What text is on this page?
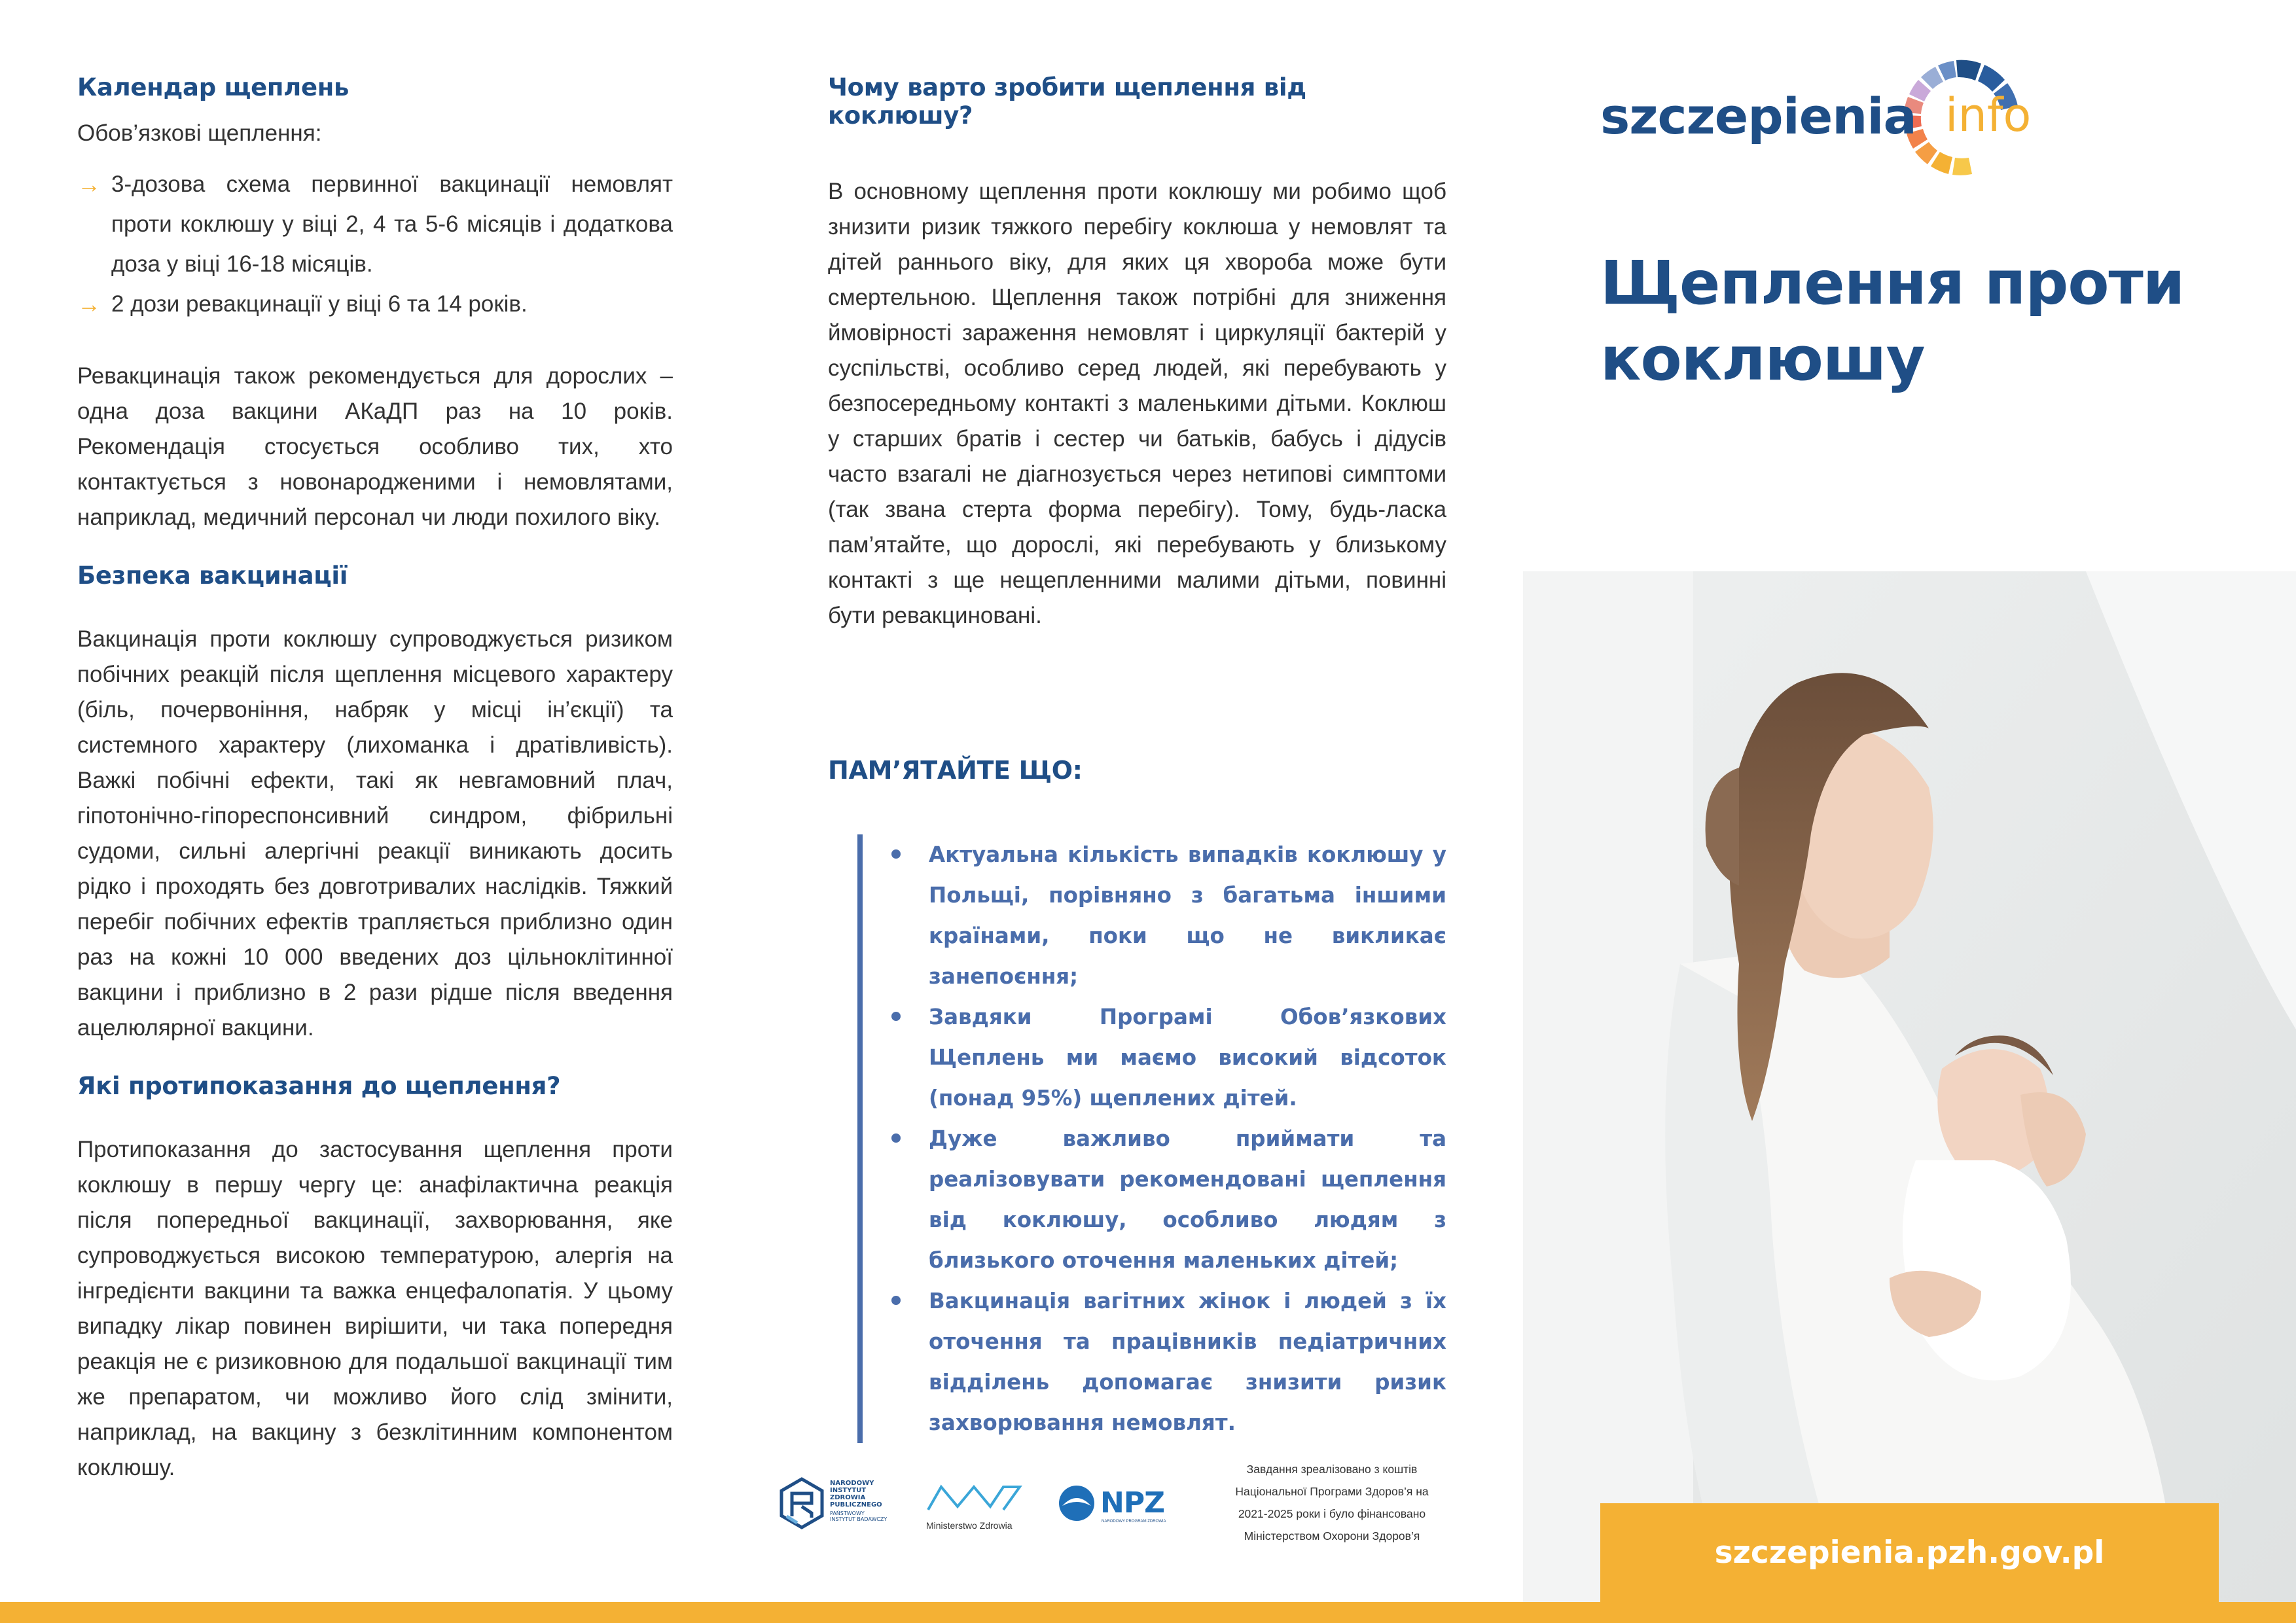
Календар щеплень

Обов’язкові щеплення:

→ 3-дозова схема первинної вакцинації немовлят проти коклюшу у віці 2, 4 та 5-6 місяців і додаткова доза у віці 16-18 місяців.
→ 2 дози ревакцинації у віці 6 та 14 років.

Ревакцинація також рекомендується для дорослих – одна доза вакцини АКаДП раз на 10 років. Рекомендація стосується особливо тих, хто контактується з новонародженими і немовлятами, наприклад, медичний персонал чи люди похилого віку.

Безпека вакцинації

Вакцинація проти коклюшу супроводжується ризиком побічних реакцій після щеплення місцевого характеру (біль, почервоніння, набряк у місці ін’єкції) та системного характеру (лихоманка і дратівливість). Важкі побічні ефекти, такі як невгамовний плач, гіпотонічно-гіпореспонсивний синдром, фібрильні судоми, сильні алергічні реакції виникають досить рідко і проходять без довготривалих наслідків. Тяжкий перебіг побічних ефектів трапляється приблизно один раз на кожні 10 000 введених доз цільноклітинної вакцини і приблизно в 2 рази рідше після введення ацелюлярної вакцини.

Які протипоказання до щеплення?

Протипоказання до застосування щеплення проти коклюшу в першу чергу це: анафілактична реакція після попередньої вакцинації, захворювання, яке супроводжується високою температурою, алергія на інгредієнти вакцини та важка енцефалопатія. У цьому випадку лікар повинен вирішити, чи така попередня реакція не є ризиковною для подальшої вакцинації тим же препаратом, чи можливо його слід змінити, наприклад, на вакцину з безклітинним компонентом коклюшу.

Чому варто зробити щеплення від коклюшу?

В основному щеплення проти коклюшу ми робимо щоб знизити ризик тяжкого перебігу коклюша у немовлят та дітей раннього віку, для яких ця хвороба може бути смертельною. Щеплення також потрібні для зниження ймовірності зараження немовлят і циркуляції бактерій у суспільстві, особливо серед людей, які перебувають у безпосередньому контакті з маленькими дітьми. Коклюш у старших братів і сестер чи батьків, бабусь і дідусів часто взагалі не діагнозується через нетипові симптоми (так звана стерта форма перебігу). Тому, будь-ласка пам’ятайте, що дорослі, які перебувають у близькому контакті з ще нещепленними малими дітьми, повинні бути ревакциновані.

ПАМ’ЯТАЙТЕ ЩО:
Актуальна кількість випадків коклюшу у Польщі, порівняно з багатьма іншими країнами, поки що не викликає занепоєння;
Завдяки Програмі Обов’язкових Щеплень ми маємо високий відсоток (понад 95%) щеплених дітей.
Дуже важливо приймати та реалізовувати рекомендовані щеплення від коклюшу, особливо людям з близького оточення маленьких дітей;
Вакцинація вагітних жінок і людей з їх оточення та працівників педіатричних відділень допомагає знизити ризик захворювання немовлят.
NARODOWY
INSTYTUT
ZDROWIA
PUBLICZNEGO
PAŃSTWOWY INSTYTUT BADAWCZY
Ministerstwo Zdrowia
NPZ
NARODOWY PROGRAM ZDROWIA
Завдання зреалізовано з коштів
Національної Програми Здоров’я на
2021-2025 роки і було фінансовано
Міністерством Охорони Здоров’я
szczepienia info
Щеплення проти
коклюшу
szczepienia.pzh.gov.pl
